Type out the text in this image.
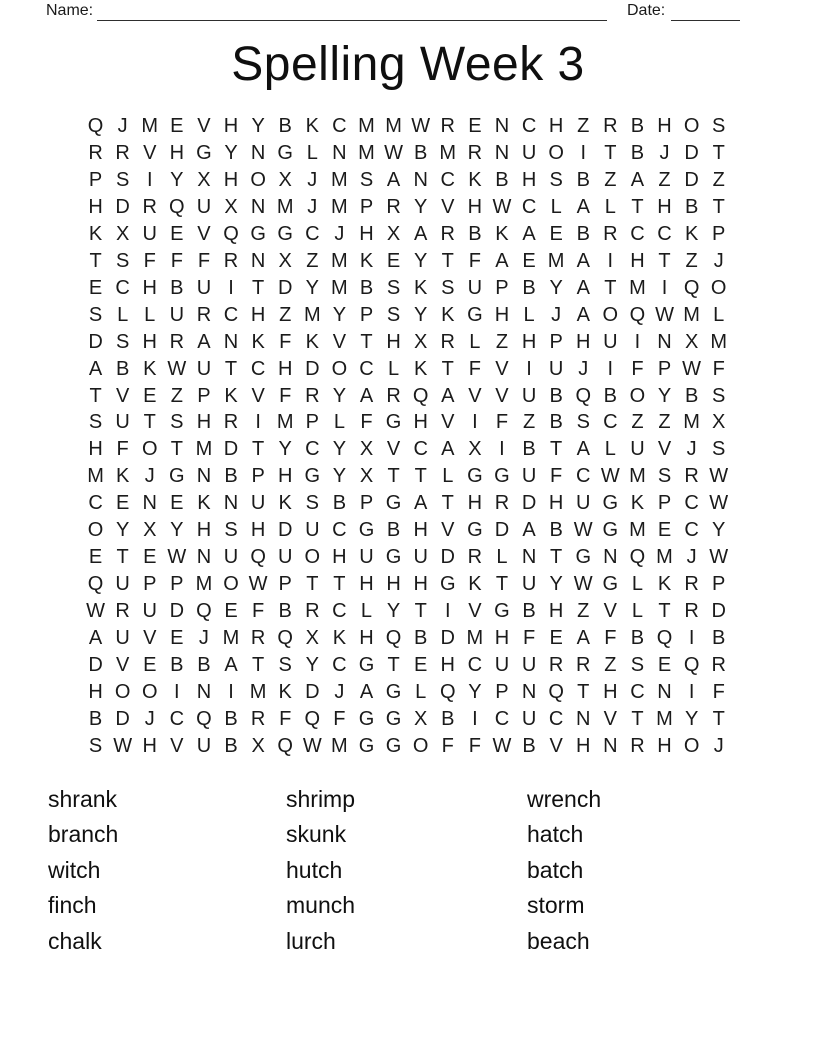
Name:	Date:
Spelling Week 3
Q J M E V H Y B K C M M W R E N C H Z R B H O S
R R V H G Y N G L N M W B M R N U O I T B J D T
P S I Y X H O X J M S A N C K B H S B Z A Z D Z
H D R Q U X N M J M P R Y V H W C L A L T H B T
K X U E V Q G G C J H X A R B K A E B R C C K P
T S F F F R N X Z M K E Y T F A E M A I H T Z J
E C H B U I T D Y M B S K S U P B Y A T M I Q O
S L L U R C H Z M Y P S Y K G H L J A O Q W M L
D S H R A N K F K V T H X R L Z H P H U I N X M
A B K W U T C H D O C L K T F V I U J I F P W F
T V E Z P K V F R Y A R Q A V V U B Q B O Y B S
S U T S H R I M P L F G H V I F Z B S C Z Z M X
H F O T M D T Y C Y X V C A X I B T A L U V J S
M K J G N B P H G Y X T T L G G U F C W M S R W
C E N E K N U K S B P G A T H R D H U G K P C W
O Y X Y H S H D U C G B H V G D A B W G M E C Y
E T E W N U Q U O H U G U D R L N T G N Q M J W
Q U P P M O W P T T H H H G K T U Y W G L K R P
W R U D Q E F B R C L Y T I V G B H Z V L T R D
A U V E J M R Q X K H Q B D M H F E A F B Q I B
D V E B B A T S Y C G T E H C U U R R Z S E Q R
H O O I N I M K D J A G L Q Y P N Q T H C N I F
B D J C Q B R F Q F G G X B I C U C N V T M Y T
S W H V U B X Q W M G G O F F W B V H N R H O J
shrank
branch
witch
finch
chalk
shrimp
skunk
hutch
munch
lurch
wrench
hatch
batch
storm
beach
